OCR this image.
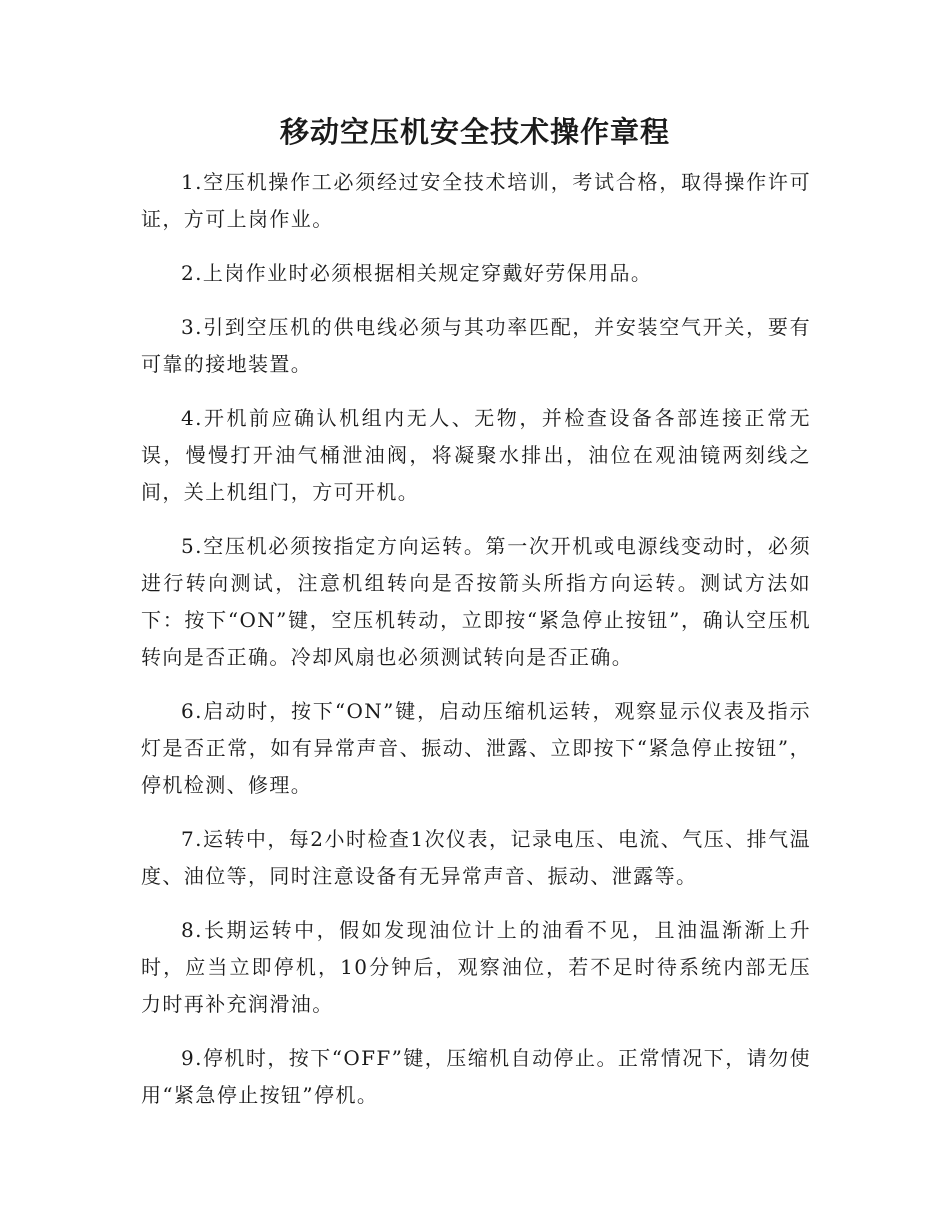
移动空压机安全技术操作章程

1.空压机操作工必须经过安全技术培训，考试合格，取得操作许可证，方可上岗作业。

2.上岗作业时必须根据相关规定穿戴好劳保用品。

3.引到空压机的供电线必须与其功率匹配，并安装空气开关，要有可靠的接地装置。

4.开机前应确认机组内无人、无物，并检查设备各部连接正常无误，慢慢打开油气桶泄油阀，将凝聚水排出，油位在观油镜两刻线之间，关上机组门，方可开机。

5.空压机必须按指定方向运转。第一次开机或电源线变动时，必须进行转向测试，注意机组转向是否按箭头所指方向运转。测试方法如下：按下“ON”键，空压机转动，立即按“紧急停止按钮”，确认空压机转向是否正确。冷却风扇也必须测试转向是否正确。

6.启动时，按下“ON”键，启动压缩机运转，观察显示仪表及指示灯是否正常，如有异常声音、振动、泄露、立即按下“紧急停止按钮”，停机检测、修理。

7.运转中，每2小时检查1次仪表，记录电压、电流、气压、排气温度、油位等，同时注意设备有无异常声音、振动、泄露等。

8.长期运转中，假如发现油位计上的油看不见，且油温渐渐上升时，应当立即停机，10分钟后，观察油位，若不足时待系统内部无压力时再补充润滑油。

9.停机时，按下“OFF”键，压缩机自动停止。正常情况下，请勿使用“紧急停止按钮”停机。
